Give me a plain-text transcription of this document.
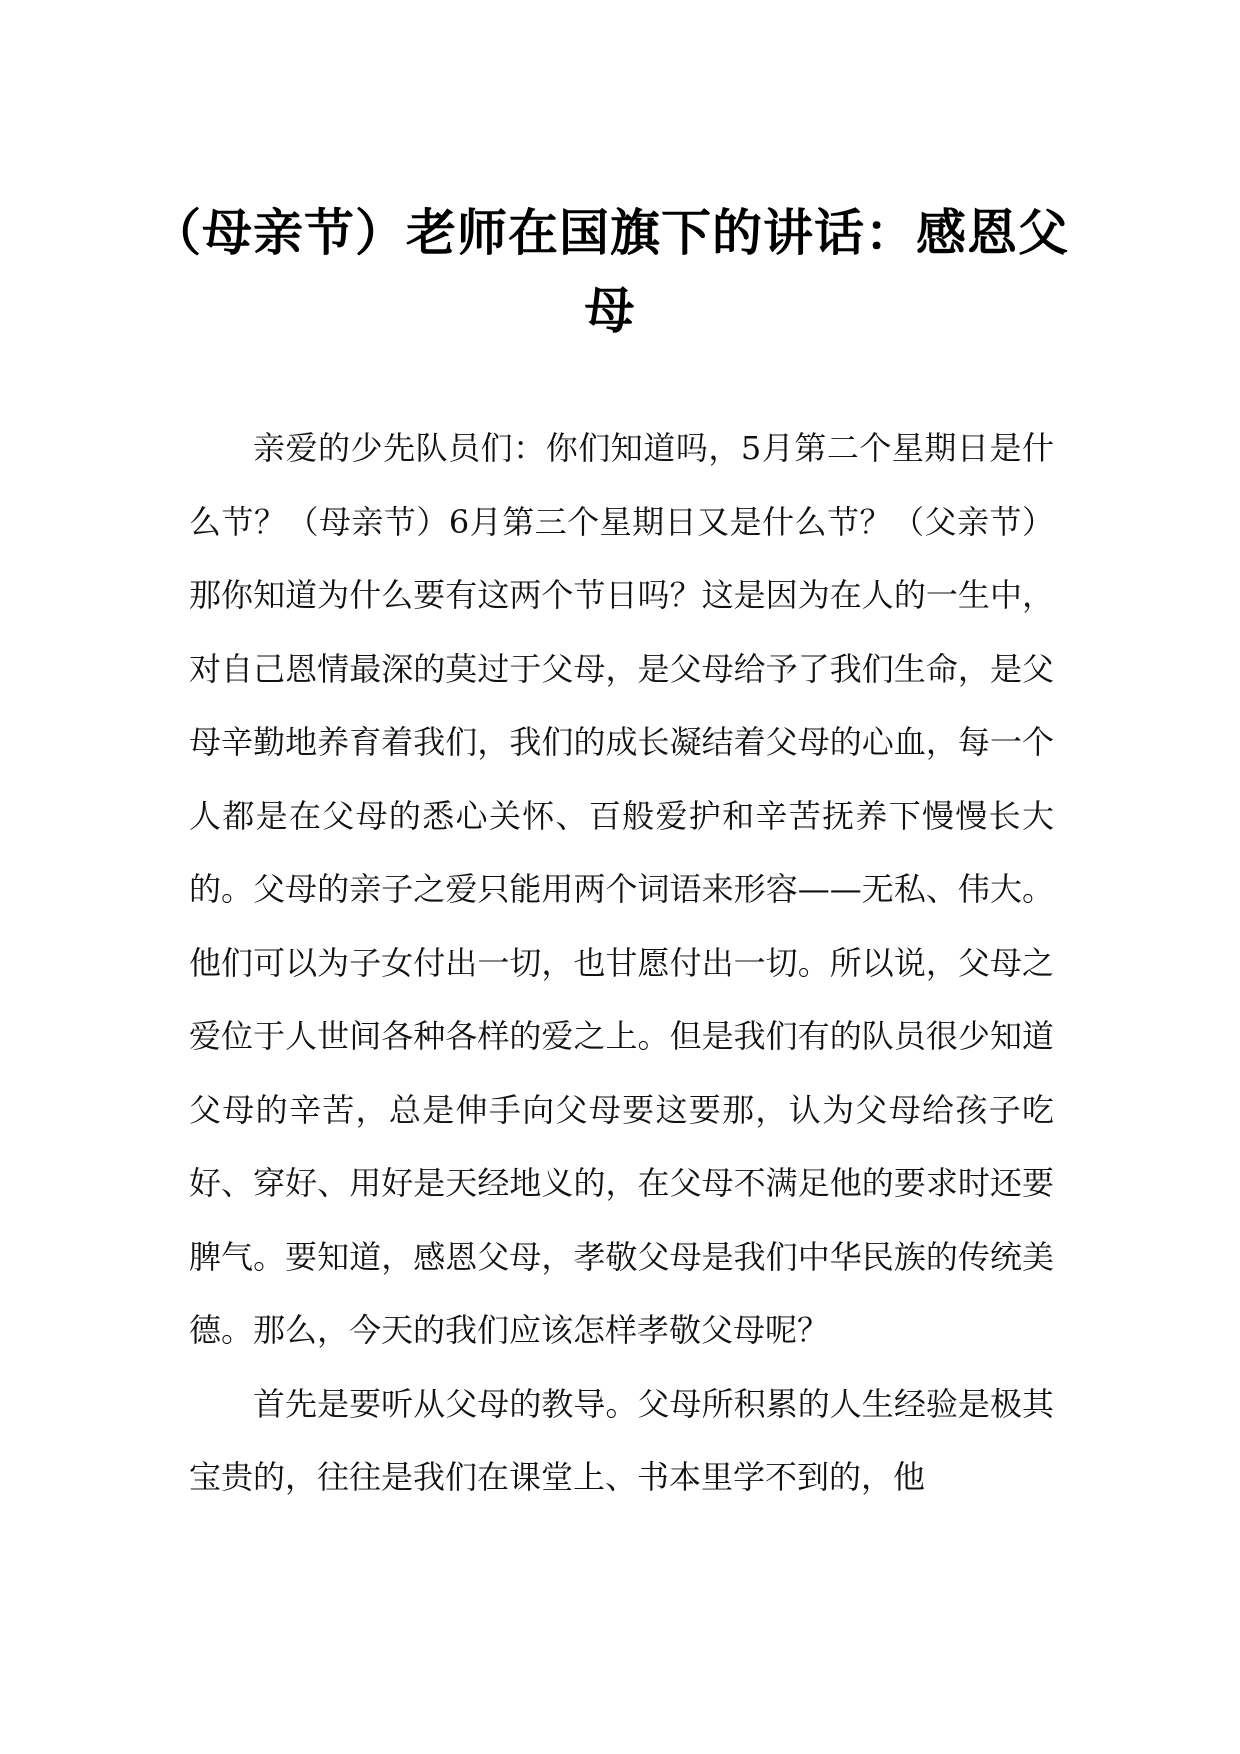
（母亲节）老师在国旗下的讲话：感恩父母

亲爱的少先队员们：你们知道吗，5月第二个星期日是什么节？（母亲节）6月第三个星期日又是什么节？（父亲节）那你知道为什么要有这两个节日吗？这是因为在人的一生中，对自己恩情最深的莫过于父母，是父母给予了我们生命，是父母辛勤地养育着我们，我们的成长凝结着父母的心血，每一个人都是在父母的悉心关怀、百般爱护和辛苦抚养下慢慢长大的。父母的亲子之爱只能用两个词语来形容——无私、伟大。他们可以为子女付出一切，也甘愿付出一切。所以说，父母之爱位于人世间各种各样的爱之上。但是我们有的队员很少知道父母的辛苦，总是伸手向父母要这要那，认为父母给孩子吃好、穿好、用好是天经地义的，在父母不满足他的要求时还要脾气。要知道，感恩父母，孝敬父母是我们中华民族的传统美德。那么，今天的我们应该怎样孝敬父母呢？

首先是要听从父母的教导。父母所积累的人生经验是极其宝贵的，往往是我们在课堂上、书本里学不到的，他
